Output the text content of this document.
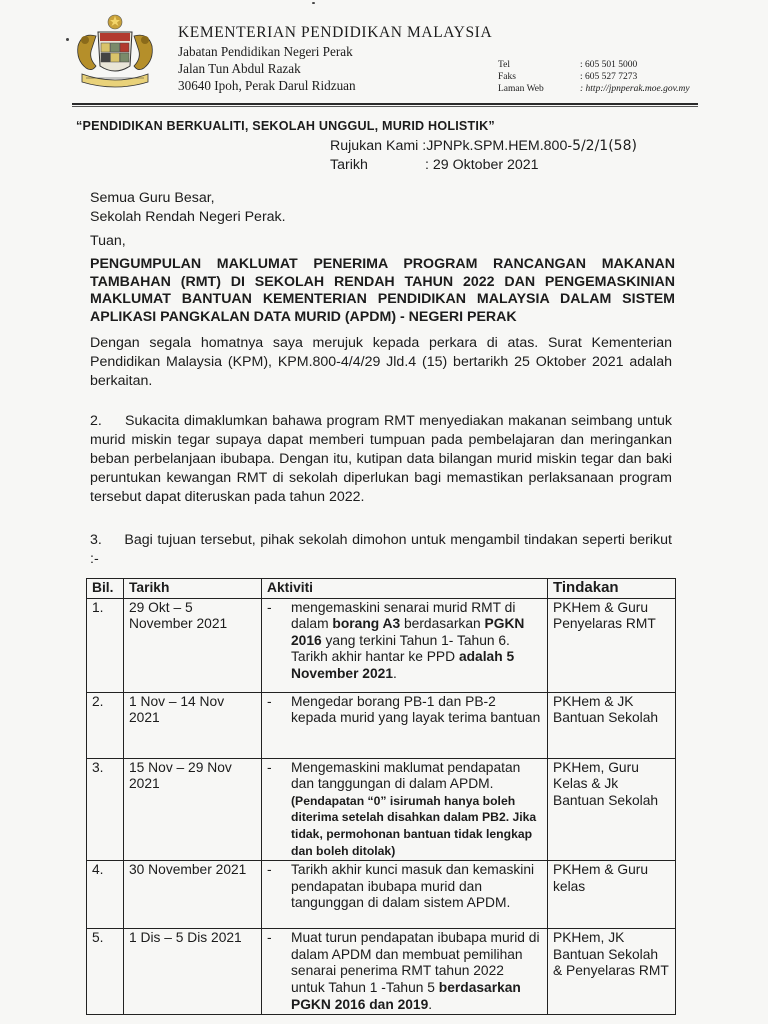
KEMENTERIAN PENDIDIKAN MALAYSIA
Jabatan Pendidikan Negeri Perak
Jalan Tun Abdul Razak
30640 Ipoh, Perak Darul Ridzuan
Tel	: 605 501 5000
Faks	: 605 527 7273
Laman Web	: http://jpnperak.moe.gov.my
“PENDIDIKAN BERKUALITI, SEKOLAH UNGGUL, MURID HOLISTIK”
Rujukan Kami : JPNPk.SPM.HEM.800- 5/2/1(58)
Tarikh	: 29 Oktober 2021
Semua Guru Besar,
Sekolah Rendah Negeri Perak.
Tuan,
PENGUMPULAN MAKLUMAT PENERIMA PROGRAM RANCANGAN MAKANAN TAMBAHAN (RMT) DI SEKOLAH RENDAH TAHUN 2022 DAN PENGEMASKINIAN MAKLUMAT BANTUAN KEMENTERIAN PENDIDIKAN MALAYSIA DALAM SISTEM APLIKASI PANGKALAN DATA MURID (APDM) - NEGERI PERAK
Dengan segala homatnya saya merujuk kepada perkara di atas. Surat Kementerian Pendidikan Malaysia (KPM), KPM.800-4/4/29 Jld.4 (15) bertarikh 25 Oktober 2021 adalah berkaitan.
2.     Sukacita dimaklumkan bahawa program RMT menyediakan makanan seimbang untuk murid miskin tegar supaya dapat memberi tumpuan pada pembelajaran dan meringankan beban perbelanjaan ibubapa. Dengan itu, kutipan data bilangan murid miskin tegar dan baki peruntukan kewangan RMT di sekolah diperlukan bagi memastikan perlaksanaan program tersebut dapat diteruskan pada tahun 2022.
3.     Bagi tujuan tersebut, pihak sekolah dimohon untuk mengambil tindakan seperti berikut :-
Bil.	Tarikh	Aktiviti	Tindakan
1.	29 Okt – 5 November 2021	- mengemaskini senarai murid RMT di dalam borang A3 berdasarkan PGKN 2016 yang terkini Tahun 1- Tahun 6. Tarikh akhir hantar ke PPD adalah 5 November 2021.	PKHem & Guru Penyelaras RMT
2.	1 Nov – 14 Nov 2021	- Mengedar borang PB-1 dan PB-2 kepada murid yang layak terima bantuan	PKHem & JK Bantuan Sekolah
3.	15 Nov – 29 Nov 2021	- Mengemaskini maklumat pendapatan dan tanggungan di dalam APDM.
(Pendapatan “0” isirumah hanya boleh diterima setelah disahkan dalam PB2. Jika tidak, permohonan bantuan tidak lengkap dan boleh ditolak)	PKHem, Guru Kelas & Jk Bantuan Sekolah
4.	30 November 2021	- Tarikh akhir kunci masuk dan kemaskini pendapatan ibubapa murid dan tangunggan di dalam sistem APDM.	PKHem & Guru kelas
5.	1 Dis – 5 Dis 2021	- Muat turun pendapatan ibubapa murid di dalam APDM dan membuat pemilihan senarai penerima RMT tahun 2022 untuk Tahun 1 -Tahun 5 berdasarkan PGKN 2016 dan 2019.	PKHem, JK Bantuan Sekolah & Penyelaras RMT
